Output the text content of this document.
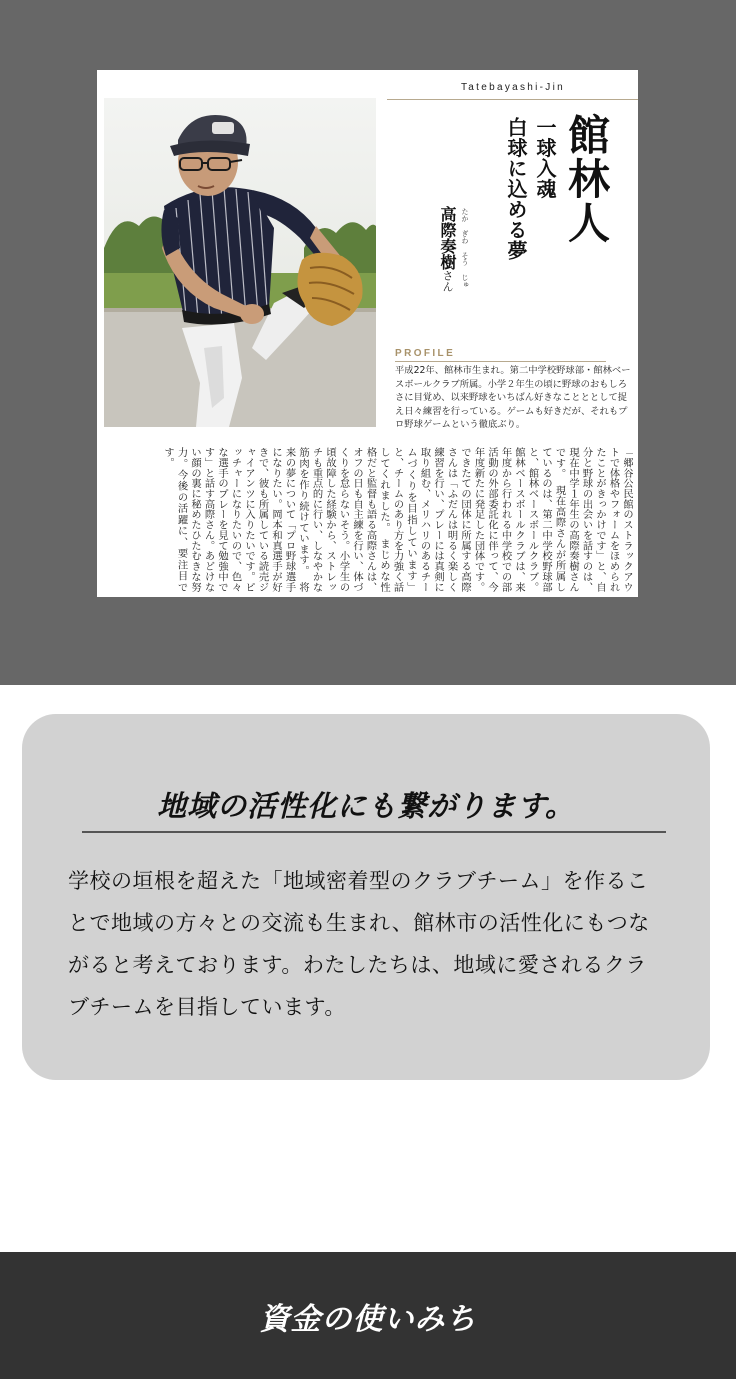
Tatebayashi-Jin
館林人
一球入魂
白球に込める夢
たか
ぎわ
そう
じゅ
高際奏樹さん
PROFILE
平成22年、館林市生まれ。第二中学校野球部・館林ベースボールクラブ所属。小学２年生の頃に野球のおもしろさに目覚め、以来野球をいちばん好きなことととして捉え日々練習を行っている。ゲームも好きだが、それもプロ野球ゲームという徹底ぶり。
「郷谷公民館のストラックアウトで体格やフォームをほめられたことがきっかけです」と、自分と野球の出会いを話すのは、現在中学１年生の高際奏樹さんです。　現在高際さんが所属しているのは、第二中学校野球部と、館林ベースボールクラブ。館林ベースボールクラブは、来年度から行われる中学校での部活動の外部委託化に伴って、今年度新たに発足した団体です。できたての団体に所属する高際さんは「ふだんは明るく楽しく練習を行い、プレーには真剣に取り組む、メリハリのあるチームづくりを目指しています」と、チームのあり方を力強く話してくれました。　まじめな性格だと監督も語る高際さんは、オフの日も自主練を行い、体づくりを怠らないそう。小学生の頃故障した経験から、ストレッチも重点的に行い、しなやかな筋肉を作り続けています。　将来の夢について「プロ野球選手になりたい。岡本和真選手が好きで、彼も所属している読売ジャイアンツに入りたいです。ピッチャーになりたいので、色々な選手のプレーを見て勉強中です」と話す高際さん。あどけない顔の裏に秘めたひたむきな努力。今後の活躍に、要注目です。
地域の活性化にも繋がります。
学校の垣根を超えた「地域密着型のクラブチーム」を作ることで地域の方々との交流も生まれ、館林市の活性化にもつながると考えております。わたしたちは、地域に愛されるクラブチームを目指しています。
資金の使いみち
